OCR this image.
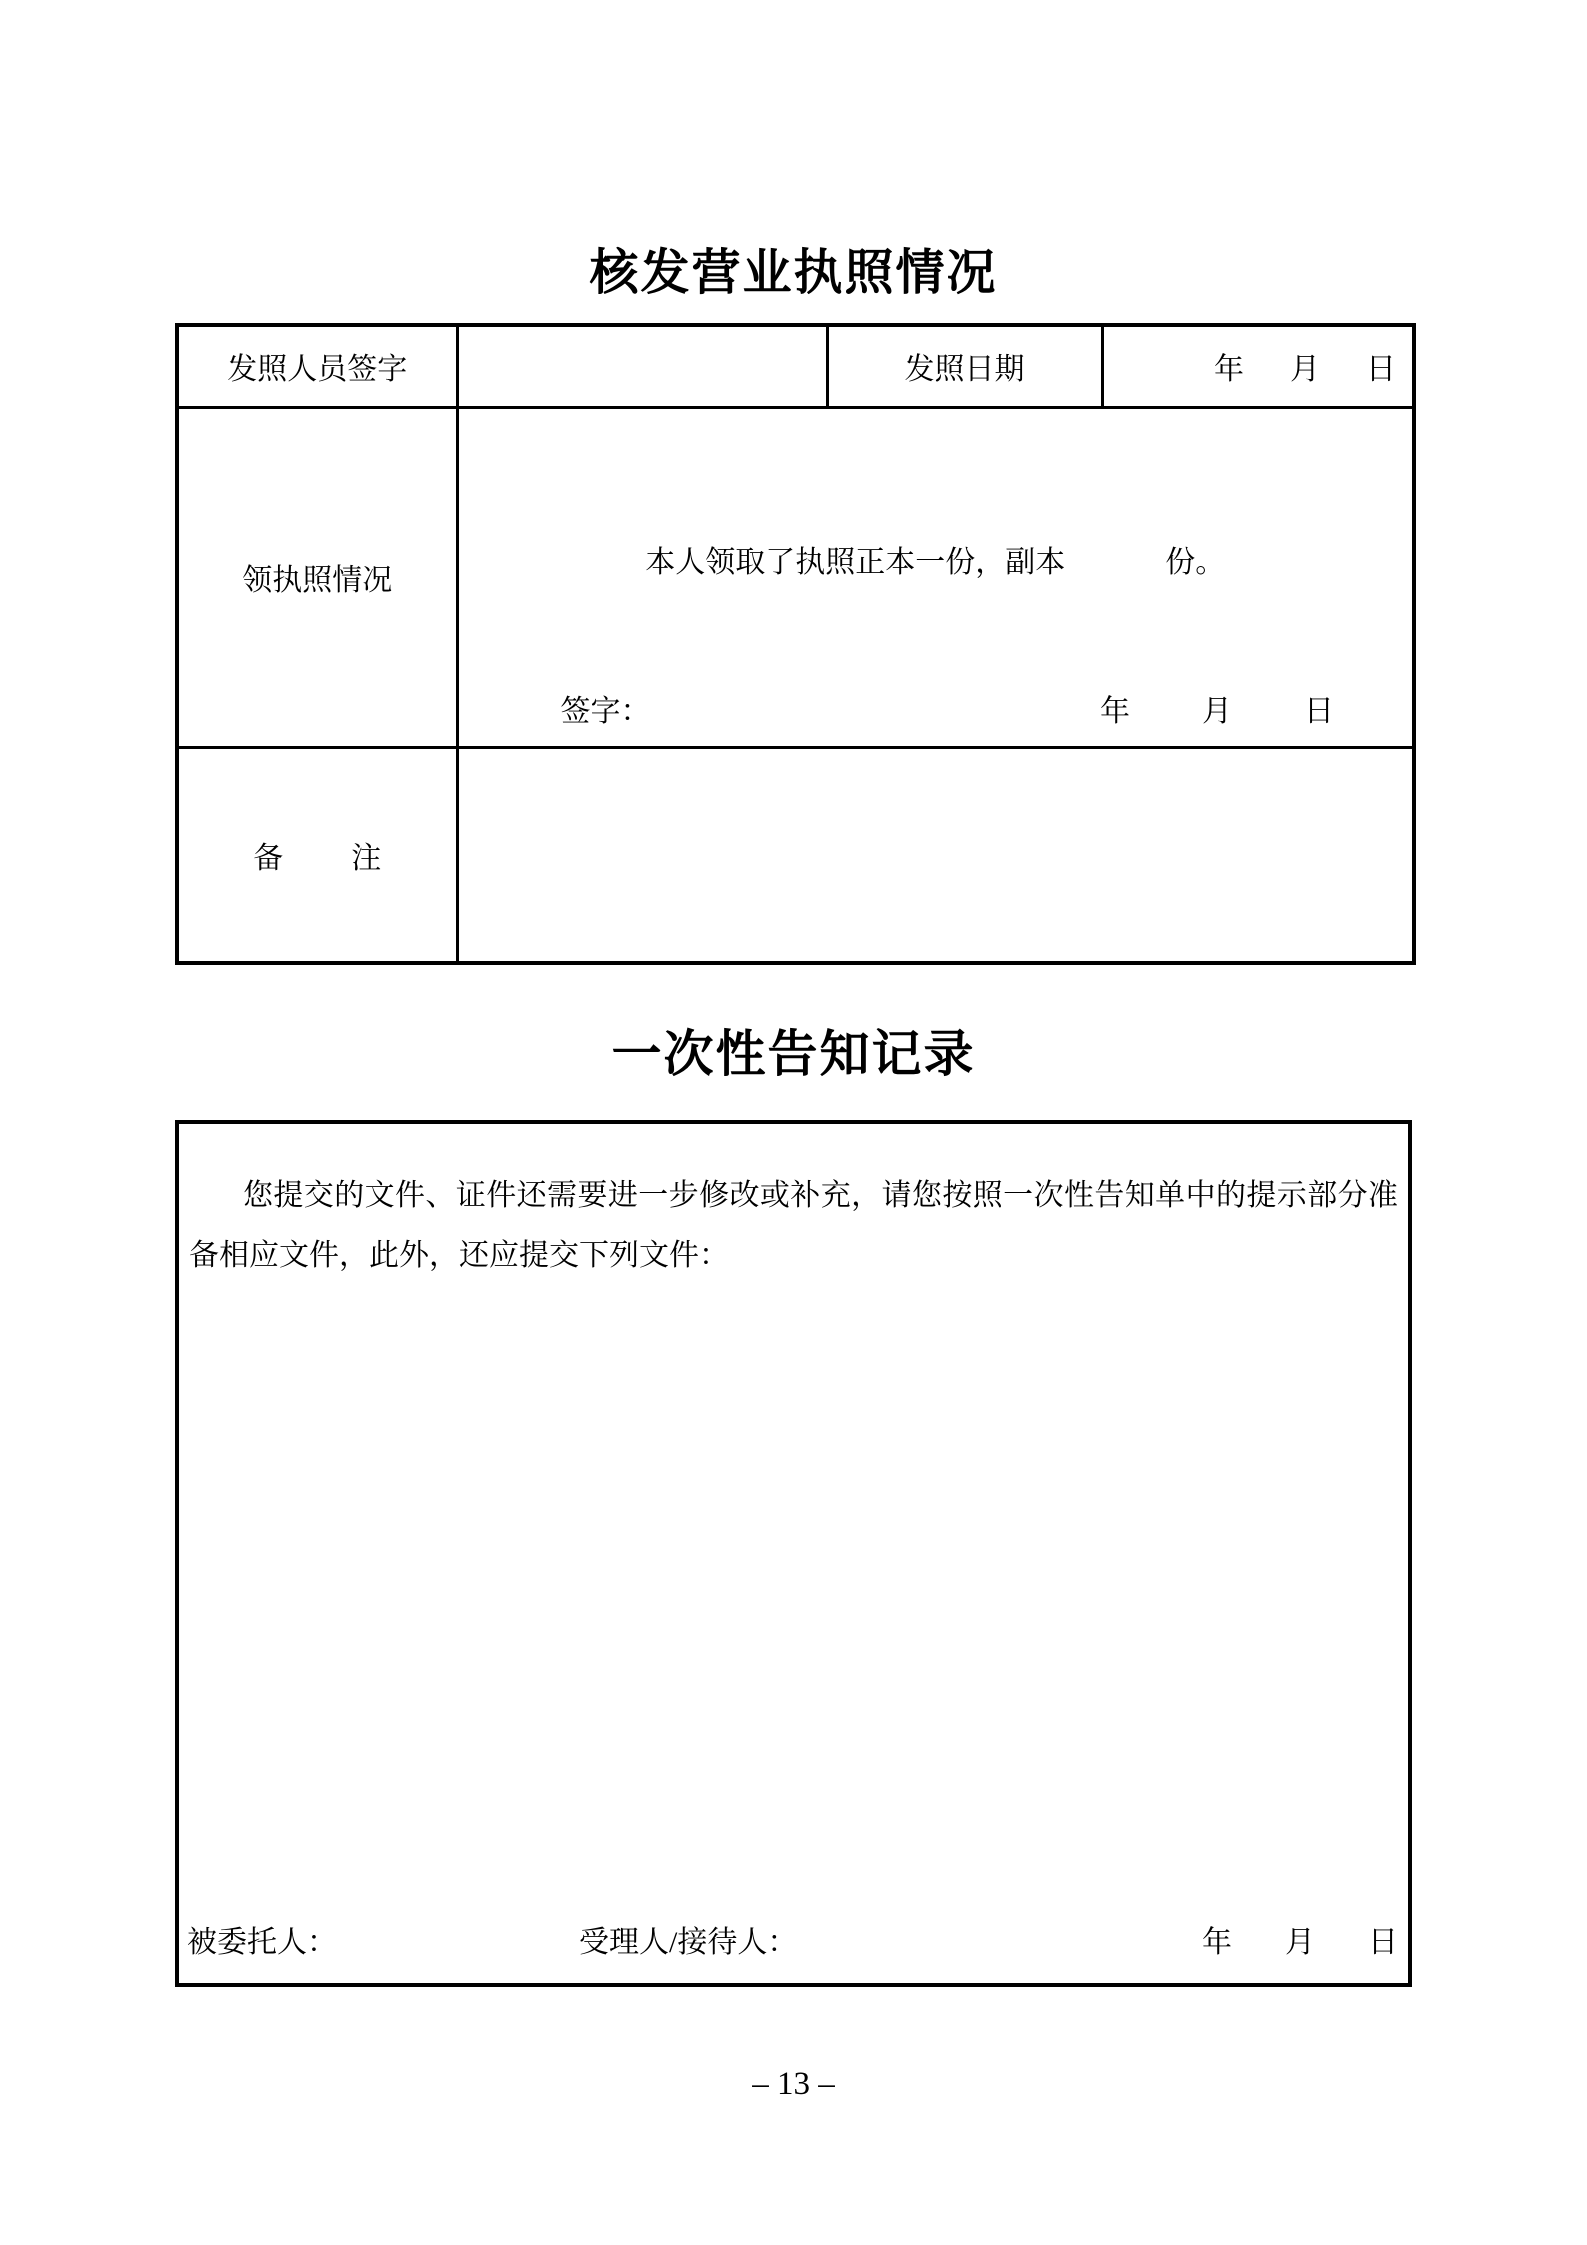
核发营业执照情况
发照人员签字		发照日期	年 月 日

领执照情况	本人领取了执照正本一份，副本 份。
签字： 年 月 日		

备 注			
一次性告知记录

您提交的文件、证件还需要进一步修改或补充，请您按照一次性告知单中的提示部分准备相应文件，此外，还应提交下列文件：

被委托人：	受理人/接待人：	年 月 日
– 13 –
